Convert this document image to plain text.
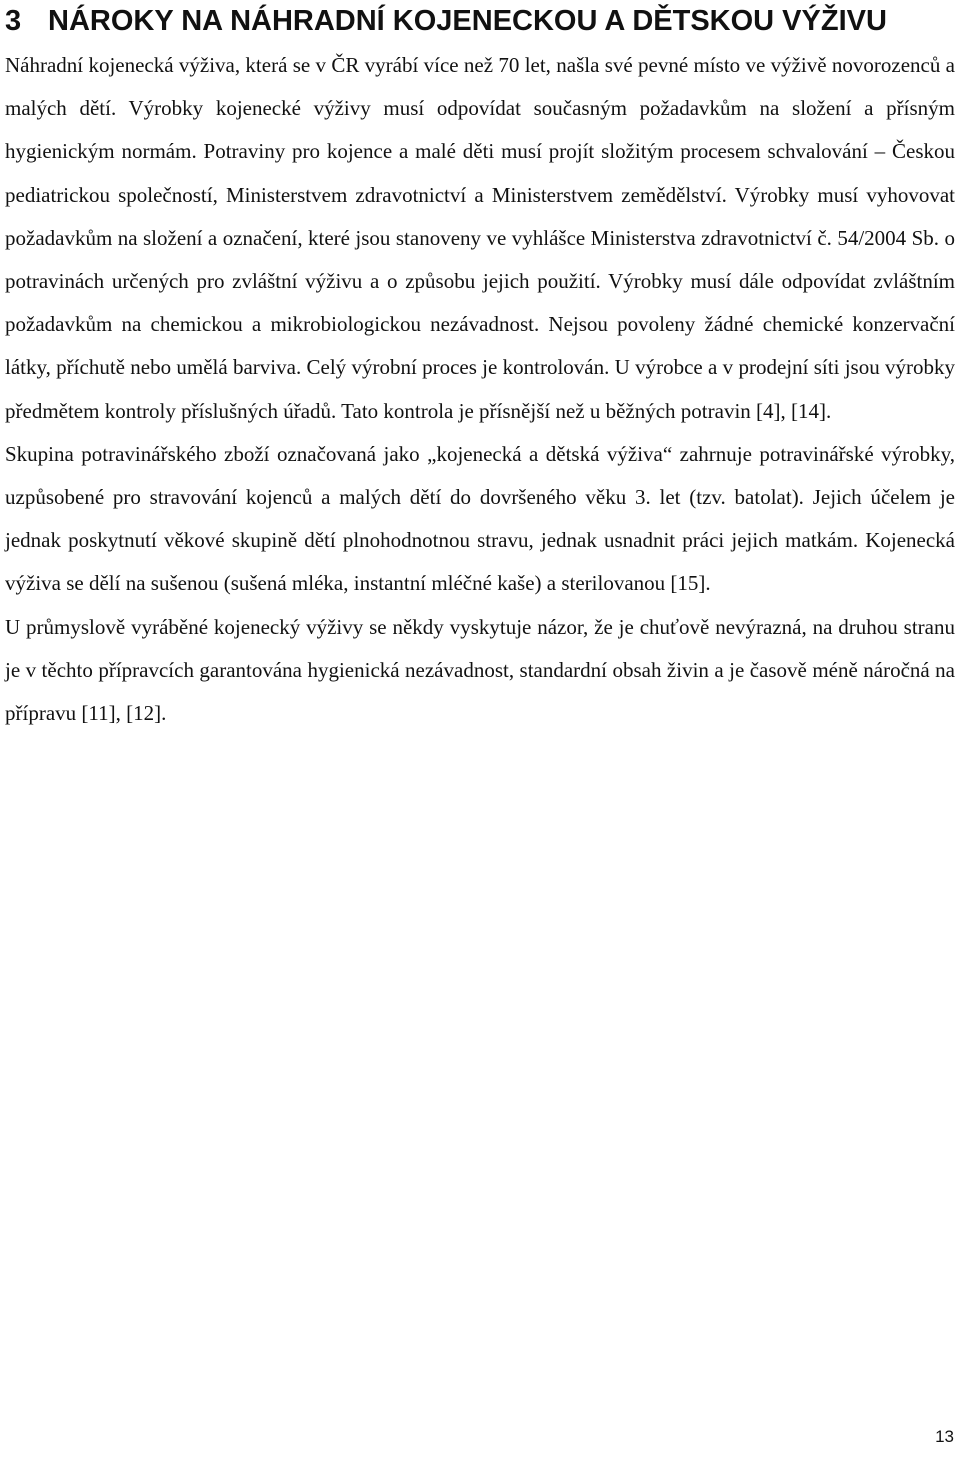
3 NÁROKY NA NÁHRADNÍ KOJENECKOU A DĚTSKOU VÝŽIVU

Náhradní kojenecká výživa, která se v ČR vyrábí více než 70 let, našla své pevné místo ve výživě novorozenců a malých dětí. Výrobky kojenecké výživy musí odpovídat současným požadavkům na složení a přísným hygienickým normám. Potraviny pro kojence a malé děti musí projít složitým procesem schvalování – Českou pediatrickou společností, Ministerstvem zdravotnictví a Ministerstvem zemědělství. Výrobky musí vyhovovat požadavkům na složení a označení, které jsou stanoveny ve vyhlášce Ministerstva zdravotnictví č. 54/2004 Sb. o potravinách určených pro zvláštní výživu a o způsobu jejich použití. Výrobky musí dále odpovídat zvláštním požadavkům na chemickou a mikrobiologickou nezávadnost. Nejsou povoleny žádné chemické konzervační látky, příchutě nebo umělá barviva. Celý výrobní proces je kontrolován. U výrobce a v prodejní síti jsou výrobky předmětem kontroly příslušných úřadů. Tato kontrola je přísnější než u běžných potravin [4], [14].

Skupina potravinářského zboží označovaná jako „kojenecká a dětská výživa“ zahrnuje potravinářské výrobky, uzpůsobené pro stravování kojenců a malých dětí do dovršeného věku 3. let (tzv. batolat). Jejich účelem je jednak poskytnutí věkové skupině dětí plnohodnotnou stravu, jednak usnadnit práci jejich matkám. Kojenecká výživa se dělí na sušenou (sušená mléka, instantní mléčné kaše) a sterilovanou [15].

U průmyslově vyráběné kojenecký výživy se někdy vyskytuje názor, že je chuťově nevýrazná, na druhou stranu je v těchto přípravcích garantována hygienická nezávadnost, standardní obsah živin a je časově méně náročná na přípravu [11], [12].

13
